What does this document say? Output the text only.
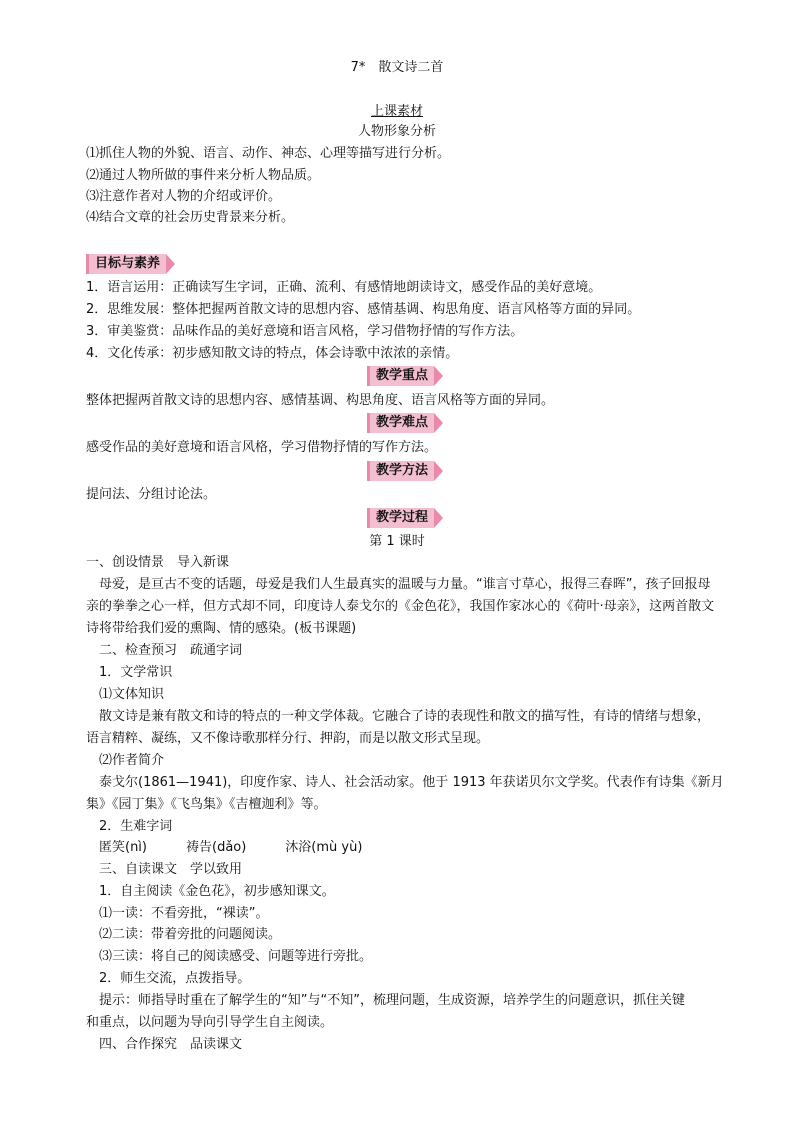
7*　散文诗二首
上课素材
人物形象分析
⑴抓住人物的外貌、语言、动作、神态、心理等描写进行分析。
⑵通过人物所做的事件来分析人物品质。
⑶注意作者对人物的介绍或评价。
⑷结合文章的社会历史背景来分析。
目标与素养
1．语言运用：正确读写生字词，正确、流利、有感情地朗读诗文，感受作品的美好意境。
2．思维发展：整体把握两首散文诗的思想内容、感情基调、构思角度、语言风格等方面的异同。
3．审美鉴赏：品味作品的美好意境和语言风格，学习借物抒情的写作方法。
4．文化传承：初步感知散文诗的特点，体会诗歌中浓浓的亲情。
教学重点
整体把握两首散文诗的思想内容、感情基调、构思角度、语言风格等方面的异同。
教学难点
感受作品的美好意境和语言风格，学习借物抒情的写作方法。
教学方法
提问法、分组讨论法。
教学过程
第 1 课时
一、创设情景　导入新课
　母爱，是亘古不变的话题，母爱是我们人生最真实的温暖与力量。“谁言寸草心，报得三春晖”，孩子回报母
亲的拳拳之心一样，但方式却不同，印度诗人泰戈尔的《金色花》，我国作家冰心的《荷叶·母亲》，这两首散文
诗将带给我们爱的熏陶、情的感染。(板书课题)
　二、检查预习　疏通字词
　1．文学常识
　⑴文体知识
　散文诗是兼有散文和诗的特点的一种文学体裁。它融合了诗的表现性和散文的描写性，有诗的情绪与想象，
语言精粹、凝练，又不像诗歌那样分行、押韵，而是以散文形式呈现。
　⑵作者简介
　泰戈尔(1861—1941)，印度作家、诗人、社会活动家。他于 1913 年获诺贝尔文学奖。代表作有诗集《新月
集》《园丁集》《飞鸟集》《吉檀迦利》等。
　2．生难字词
　匿笑(nì)　　　祷告(dǎo)　　　沐浴(mù yù)
　三、自读课文　学以致用
　1．自主阅读《金色花》，初步感知课文。
　⑴一读：不看旁批，“裸读”。
　⑵二读：带着旁批的问题阅读。
　⑶三读：将自己的阅读感受、问题等进行旁批。
　2．师生交流，点拨指导。
　提示：师指导时重在了解学生的“知”与“不知”，梳理问题，生成资源，培养学生的问题意识，抓住关键
和重点，以问题为导向引导学生自主阅读。
　四、合作探究　品读课文
